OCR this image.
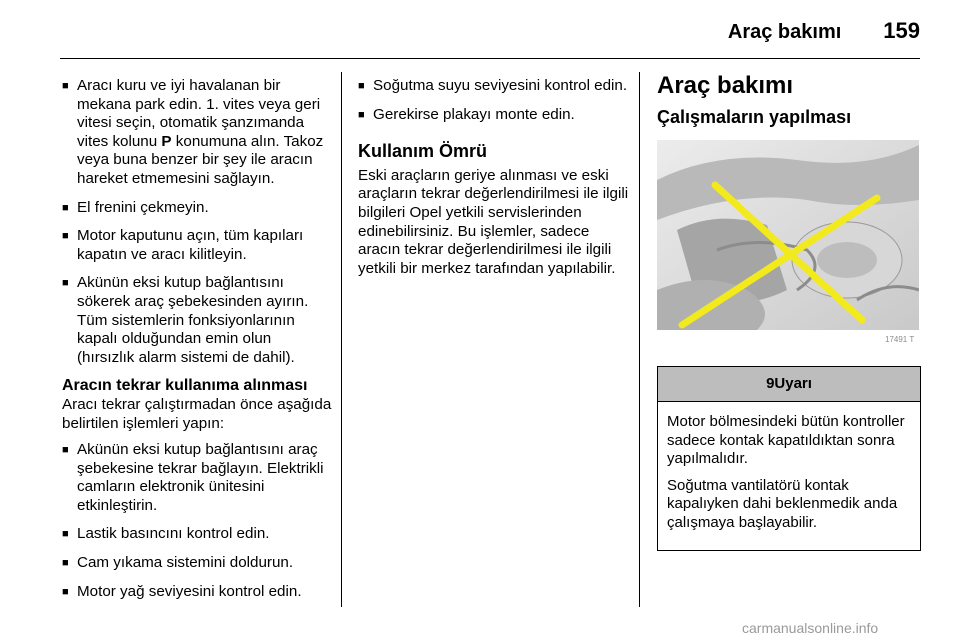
Araç bakımı 159
■ Aracı kuru ve iyi havalanan bir mekana park edin. 1. vites veya geri vitesi seçin, otomatik şanzımanda vites kolunu P konumuna alın. Takoz veya buna benzer bir şey ile aracın hareket etmemesini sağlayın.
■ El frenini çekmeyin.
■ Motor kaputunu açın, tüm kapıları kapatın ve aracı kilitleyin.
■ Akünün eksi kutup bağlantısını sökerek araç şebekesinden ayırın. Tüm sistemlerin fonksiyonlarının kapalı olduğundan emin olun (hırsızlık alarm sistemi de dahil).
Aracın tekrar kullanıma alınması
Aracı tekrar çalıştırmadan önce aşağıda belirtilen işlemleri yapın:
■ Akünün eksi kutup bağlantısını araç şebekesine tekrar bağlayın. Elektrikli camların elektronik ünitesini etkinleştirin.
■ Lastik basıncını kontrol edin.
■ Cam yıkama sistemini doldurun.
■ Motor yağ seviyesini kontrol edin.
■ Soğutma suyu seviyesini kontrol edin.
■ Gerekirse plakayı monte edin.
Kullanım Ömrü
Eski araçların geriye alınması ve eski araçların tekrar değerlendirilmesi ile ilgili bilgileri Opel yetkili servislerinden edinebilirsiniz. Bu işlemler, sadece aracın tekrar değerlendirilmesi ile ilgili yetkili bir merkez tarafından yapılabilir.
Araç bakımı
Çalışmaların yapılması
17491 T
9 Uyarı

Motor bölmesindeki bütün kontroller sadece kontak kapatıldıktan sonra yapılmalıdır.

Soğutma vantilatörü kontak kapalıyken dahi beklenmedik anda çalışmaya başlayabilir.

carmanualsonline.info
